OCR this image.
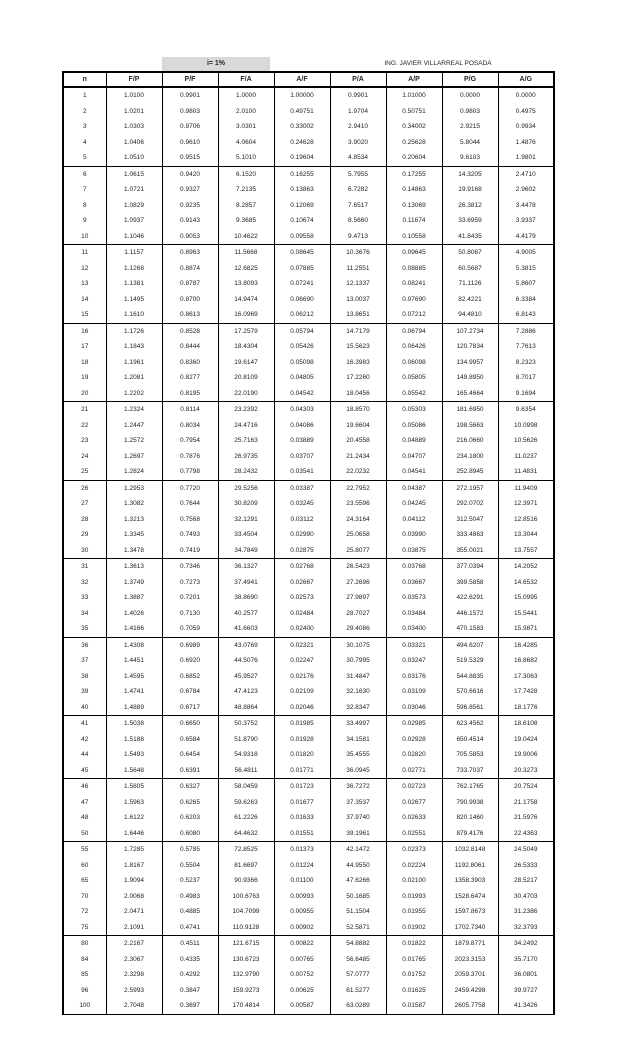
i= 1%	ING. JAVIER VILLARREAL POSADA
n	F/P	P/F	F/A	A/F	P/A	A/P	P/G	A/G
1	1.0100	0.9901	1.0000	1.00000	0.9901	1.01000	0.0000	0.0000
2	1.0201	0.9803	2.0100	0.49751	1.9704	0.50751	0.9803	0.4975
3	1.0303	0.9706	3.0301	0.33002	2.9410	0.34002	2.9215	0.9934
4	1.0406	0.9610	4.0604	0.24628	3.9020	0.25628	5.8044	1.4876
5	1.0510	0.9515	5.1010	0.19604	4.8534	0.20604	9.6103	1.9801
6	1.0615	0.9420	6.1520	0.16255	5.7955	0.17255	14.3205	2.4710
7	1.0721	0.9327	7.2135	0.13863	6.7282	0.14863	19.9168	2.9602
8	1.0829	0.9235	8.2857	0.12069	7.6517	0.13069	26.3812	3.4478
9	1.0937	0.9143	9.3685	0.10674	8.5660	0.11674	33.6959	3.9337
10	1.1046	0.9053	10.4622	0.09558	9.4713	0.10558	41.8435	4.4179
11	1.1157	0.8963	11.5668	0.08645	10.3676	0.09645	50.8067	4.9005
12	1.1268	0.8874	12.6825	0.07885	11.2551	0.08885	60.5687	5.3815
13	1.1381	0.8787	13.8093	0.07241	12.1337	0.08241	71.1126	5.8607
14	1.1495	0.8700	14.9474	0.06690	13.0037	0.07690	82.4221	6.3384
15	1.1610	0.8613	16.0969	0.06212	13.8651	0.07212	94.4810	6.8143
16	1.1726	0.8528	17.2579	0.05794	14.7179	0.06794	107.2734	7.2886
17	1.1843	0.8444	18.4304	0.05426	15.5623	0.06426	120.7834	7.7613
18	1.1961	0.8360	19.6147	0.05098	16.3983	0.06098	134.9957	8.2323
19	1.2081	0.8277	20.8109	0.04805	17.2260	0.05805	149.8950	8.7017
20	1.2202	0.8195	22.0190	0.04542	18.0456	0.05542	165.4664	9.1694
21	1.2324	0.8114	23.2392	0.04303	18.8570	0.05303	181.6950	9.6354
22	1.2447	0.8034	24.4716	0.04086	19.6604	0.05086	198.5663	10.0998
23	1.2572	0.7954	25.7163	0.03889	20.4558	0.04889	216.0660	10.5626
24	1.2697	0.7876	26.9735	0.03707	21.2434	0.04707	234.1800	11.0237
25	1.2824	0.7798	28.2432	0.03541	22.0232	0.04541	252.8945	11.4831
26	1.2953	0.7720	29.5256	0.03387	22.7952	0.04387	272.1957	11.9409
27	1.3082	0.7644	30.8209	0.03245	23.5596	0.04245	292.0702	12.3971
28	1.3213	0.7568	32.1291	0.03112	24.3164	0.04112	312.5047	12.8516
29	1.3345	0.7493	33.4504	0.02990	25.0658	0.03990	333.4863	13.3044
30	1.3478	0.7419	34.7849	0.02875	25.8077	0.03875	355.0021	13.7557
31	1.3613	0.7346	36.1327	0.02768	26.5423	0.03768	377.0394	14.2052
32	1.3749	0.7273	37.4941	0.02667	27.2696	0.03667	399.5858	14.6532
33	1.3887	0.7201	38.8690	0.02573	27.9897	0.03573	422.6291	15.0995
34	1.4026	0.7130	40.2577	0.02484	28.7027	0.03484	446.1572	15.5441
35	1.4166	0.7059	41.6603	0.02400	29.4086	0.03400	470.1583	15.9871
36	1.4308	0.6989	43.0769	0.02321	30.1075	0.03321	494.6207	16.4285
37	1.4451	0.6920	44.5076	0.02247	30.7995	0.03247	519.5329	16.8682
38	1.4595	0.6852	45.9527	0.02176	31.4847	0.03176	544.8835	17.3063
39	1.4741	0.6784	47.4123	0.02109	32.1630	0.03109	570.6616	17.7428
40	1.4889	0.6717	48.8864	0.02046	32.8347	0.03046	596.8561	18.1776
41	1.5038	0.6650	50.3752	0.01985	33.4997	0.02985	623.4562	18.6108
42	1.5188	0.6584	51.8790	0.01928	34.1581	0.02928	650.4514	19.0424
44	1.5493	0.6454	54.9318	0.01820	35.4555	0.02820	705.5853	19.9006
45	1.5648	0.6391	56.4811	0.01771	36.0945	0.02771	733.7037	20.3273
46	1.5805	0.6327	58.0459	0.01723	36.7272	0.02723	762.1765	20.7524
47	1.5963	0.6265	59.6263	0.01677	37.3537	0.02677	790.9938	21.1758
48	1.6122	0.6203	61.2226	0.01633	37.9740	0.02633	820.1460	21.5976
50	1.6446	0.6080	64.4632	0.01551	39.1961	0.02551	879.4176	22.4363
55	1.7285	0.5785	72.8525	0.01373	42.1472	0.02373	1032.8148	24.5049
60	1.8167	0.5504	81.6697	0.01224	44.9550	0.02224	1192.8061	26.5333
65	1.9094	0.5237	90.9366	0.01100	47.6266	0.02100	1358.3903	28.5217
70	2.0068	0.4983	100.6763	0.00993	50.1685	0.01993	1528.6474	30.4703
72	2.0471	0.4885	104.7099	0.00955	51.1504	0.01955	1597.8673	31.2386
75	2.1091	0.4741	110.9128	0.00902	52.5871	0.01902	1702.7340	32.3793
80	2.2167	0.4511	121.6715	0.00822	54.8882	0.01822	1879.8771	34.2492
84	2.3067	0.4335	130.6723	0.00765	56.6485	0.01765	2023.3153	35.7170
85	2.3298	0.4292	132.9790	0.00752	57.0777	0.01752	2059.3701	36.0801
96	2.5993	0.3847	159.9273	0.00625	61.5277	0.01625	2459.4298	39.9727
100	2.7048	0.3697	170.4814	0.00587	63.0289	0.01587	2605.7758	41.3426
